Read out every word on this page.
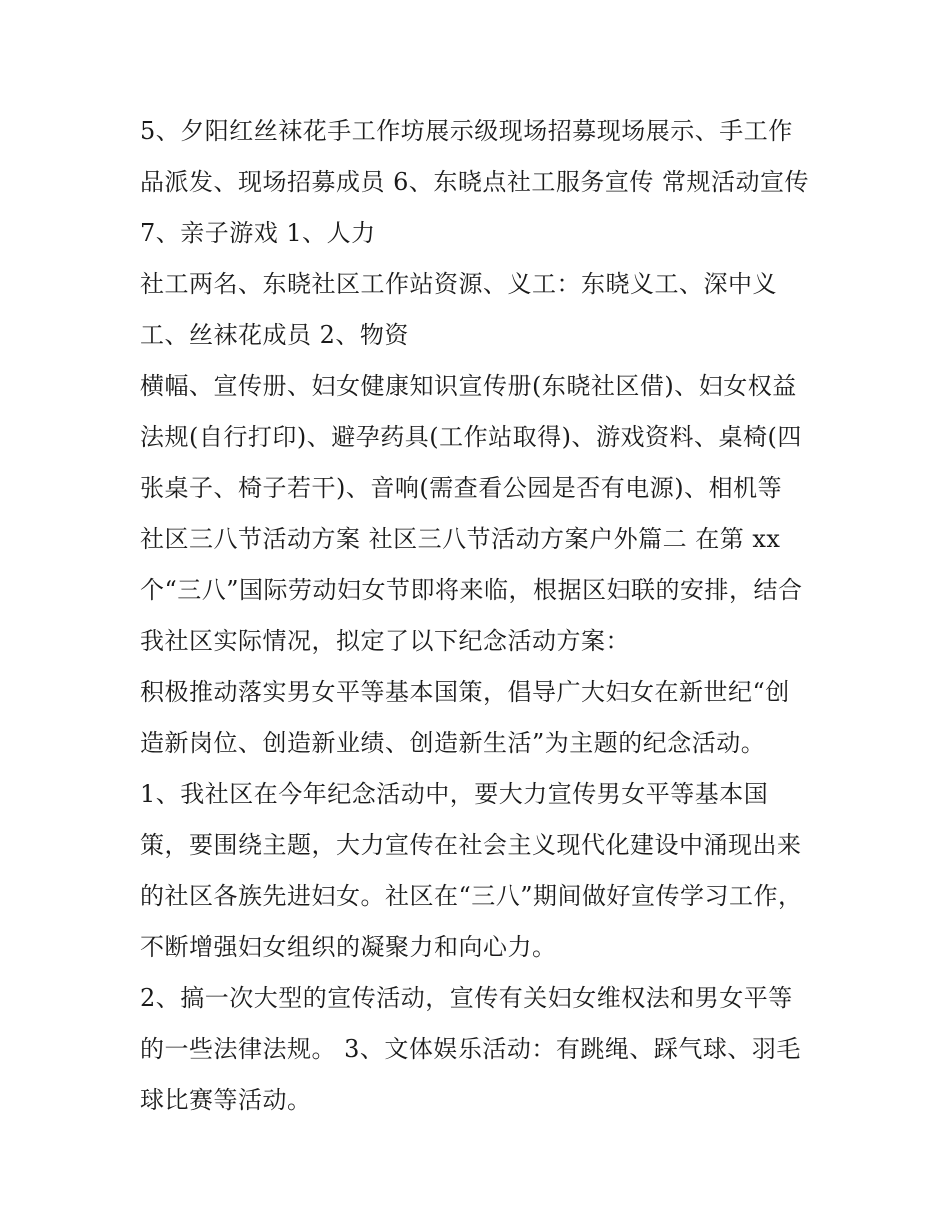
5、夕阳红丝袜花手工作坊展示级现场招募现场展示、手工作
品派发、现场招募成员 6、东晓点社工服务宣传 常规活动宣传
7、亲子游戏 1、人力
社工两名、东晓社区工作站资源、义工：东晓义工、深中义
工、丝袜花成员 2、物资
横幅、宣传册、妇女健康知识宣传册(东晓社区借)、妇女权益
法规(自行打印)、避孕药具(工作站取得)、游戏资料、桌椅(四
张桌子、椅子若干)、音响(需查看公园是否有电源)、相机等
社区三八节活动方案 社区三八节活动方案户外篇二 在第 xx
个“三八”国际劳动妇女节即将来临，根据区妇联的安排，结合
我社区实际情况，拟定了以下纪念活动方案：
积极推动落实男女平等基本国策，倡导广大妇女在新世纪“创
造新岗位、创造新业绩、创造新生活”为主题的纪念活动。
1、我社区在今年纪念活动中，要大力宣传男女平等基本国
策，要围绕主题，大力宣传在社会主义现代化建设中涌现出来
的社区各族先进妇女。社区在“三八”期间做好宣传学习工作，
不断增强妇女组织的凝聚力和向心力。
2、搞一次大型的宣传活动，宣传有关妇女维权法和男女平等
的一些法律法规。 3、文体娱乐活动：有跳绳、踩气球、羽毛
球比赛等活动。
